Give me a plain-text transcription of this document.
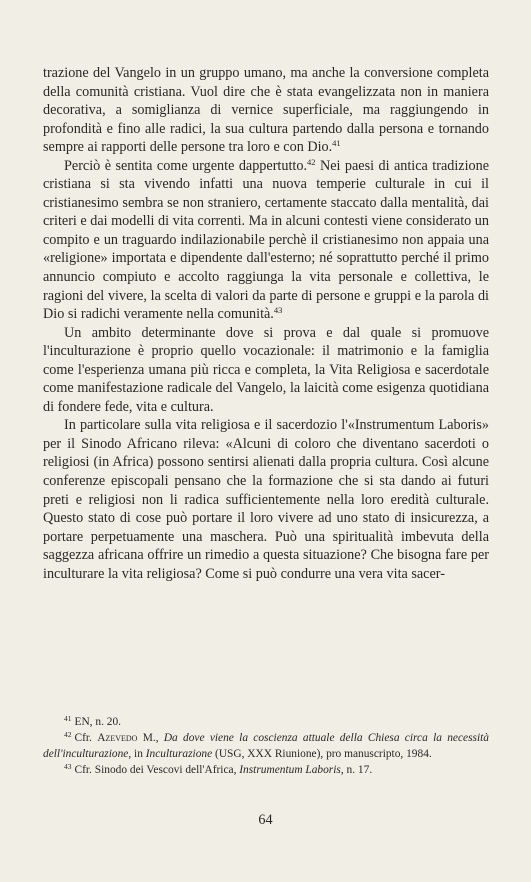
trazione del Vangelo in un gruppo umano, ma anche la conversione completa della comunità cristiana. Vuol dire che è stata evangelizzata non in maniera decorativa, a somiglianza di vernice superficiale, ma raggiungendo in profondità e fino alle radici, la sua cultura partendo dalla persona e tornando sempre ai rapporti delle persone tra loro e con Dio.$^{41}$

Perciò è sentita come urgente dappertutto.$^{42}$ Nei paesi di antica tradizione cristiana si sta vivendo infatti una nuova temperie culturale in cui il cristianesimo sembra se non straniero, certamente staccato dalla mentalità, dai criteri e dai modelli di vita correnti. Ma in alcuni contesti viene considerato un compito e un traguardo indilazionabile perchè il cristianesimo non appaia una «religione» importata e dipendente dall'esterno; né soprattutto perché il primo annuncio compiuto e accolto raggiunga la vita personale e collettiva, le ragioni del vivere, la scelta di valori da parte di persone e gruppi e la parola di Dio si radichi veramente nella comunità.$^{43}$

Un ambito determinante dove si prova e dal quale si promuove l'inculturazione è proprio quello vocazionale: il matrimonio e la famiglia come l'esperienza umana più ricca e completa, la Vita Religiosa e sacerdotale come manifestazione radicale del Vangelo, la laicità come esigenza quotidiana di fondere fede, vita e cultura.

In particolare sulla vita religiosa e il sacerdozio l'«Instrumentum Laboris» per il Sinodo Africano rileva: «Alcuni di coloro che diventano sacerdoti o religiosi (in Africa) possono sentirsi alienati dalla propria cultura. Così alcune conferenze episcopali pensano che la formazione che si sta dando ai futuri preti e religiosi non li radica sufficientemente nella loro eredità culturale. Questo stato di cose può portare il loro vivere ad uno stato di insicurezza, a portare perpetuamente una maschera. Può una spiritualità imbevuta della saggezza africana offrire un rimedio a questa situazione? Che bisogna fare per inculturare la vita religiosa? Come si può condurre una vera vita sacer-

$^{41}$ EN, n. 20.

$^{42}$ Cfr. Azevedo M., Da dove viene la coscienza attuale della Chiesa circa la necessità dell'inculturazione, in Inculturazione (USG, XXX Riunione), pro manuscripto, 1984.

$^{43}$ Cfr. Sinodo dei Vescovi dell'Africa, Instrumentum Laboris, n. 17.

64
